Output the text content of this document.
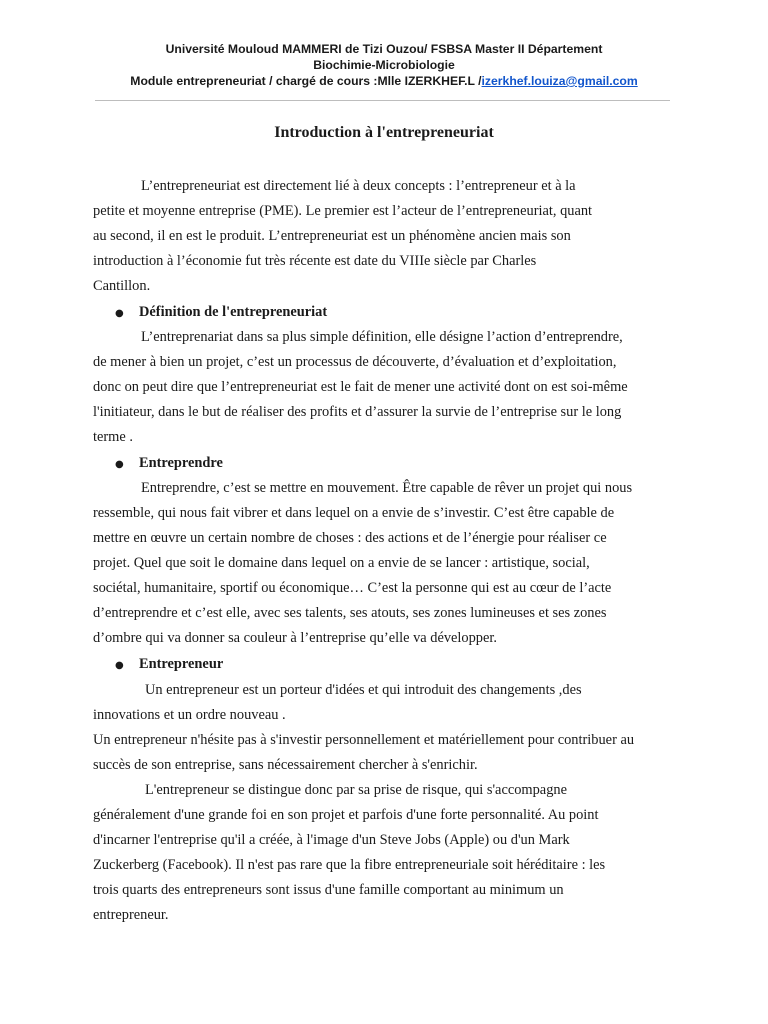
Université Mouloud MAMMERI de Tizi Ouzou/ FSBSA Master II Département
Biochimie-Microbiologie
Module entrepreneuriat / chargé de cours :Mlle IZERKHEF.L /izerkhef.louiza@gmail.com
Introduction à l'entrepreneuriat
L’entrepreneuriat est directement lié à deux concepts : l’entrepreneur et à la
petite et moyenne entreprise (PME). Le premier est l’acteur de l’entrepreneuriat, quant
au second, il en est le produit. L’entrepreneuriat est un phénomène ancien mais son
introduction à l’économie fut très récente est date du VIIIe siècle par Charles
Cantillon.
● Définition de l'entrepreneuriat
L’entreprenariat dans sa plus simple définition, elle désigne l’action d’entreprendre,
de mener à bien un projet, c’est un processus de découverte, d’évaluation et d’exploitation,
donc on peut dire que l’entrepreneuriat est le fait de mener une activité dont on est soi-même
l'initiateur, dans le but de réaliser des profits et d’assurer la survie de l’entreprise sur le long
terme .
● Entreprendre
Entreprendre, c’est se mettre en mouvement. Être capable de rêver un projet qui nous
ressemble, qui nous fait vibrer et dans lequel on a envie de s’investir. C’est être capable de
mettre en œuvre un certain nombre de choses : des actions et de l’énergie pour réaliser ce
projet. Quel que soit le domaine dans lequel on a envie de se lancer : artistique, social,
sociétal, humanitaire, sportif ou économique… C’est la personne qui est au cœur de l’acte
d’entreprendre et c’est elle, avec ses talents, ses atouts, ses zones lumineuses et ses zones
d’ombre qui va donner sa couleur à l’entreprise qu’elle va développer.
● Entrepreneur
Un entrepreneur est un porteur d'idées et qui introduit des changements ,des
innovations et un ordre nouveau .
Un entrepreneur n'hésite pas à s'investir personnellement et matériellement pour contribuer au
succès de son entreprise, sans nécessairement chercher à s'enrichir.
L'entrepreneur se distingue donc par sa prise de risque, qui s'accompagne
généralement d'une grande foi en son projet et parfois d'une forte personnalité. Au point
d'incarner l'entreprise qu'il a créée, à l'image d'un Steve Jobs (Apple) ou d'un Mark
Zuckerberg (Facebook). Il n'est pas rare que la fibre entrepreneuriale soit héréditaire : les
trois quarts des entrepreneurs sont issus d'une famille comportant au minimum un
entrepreneur.
